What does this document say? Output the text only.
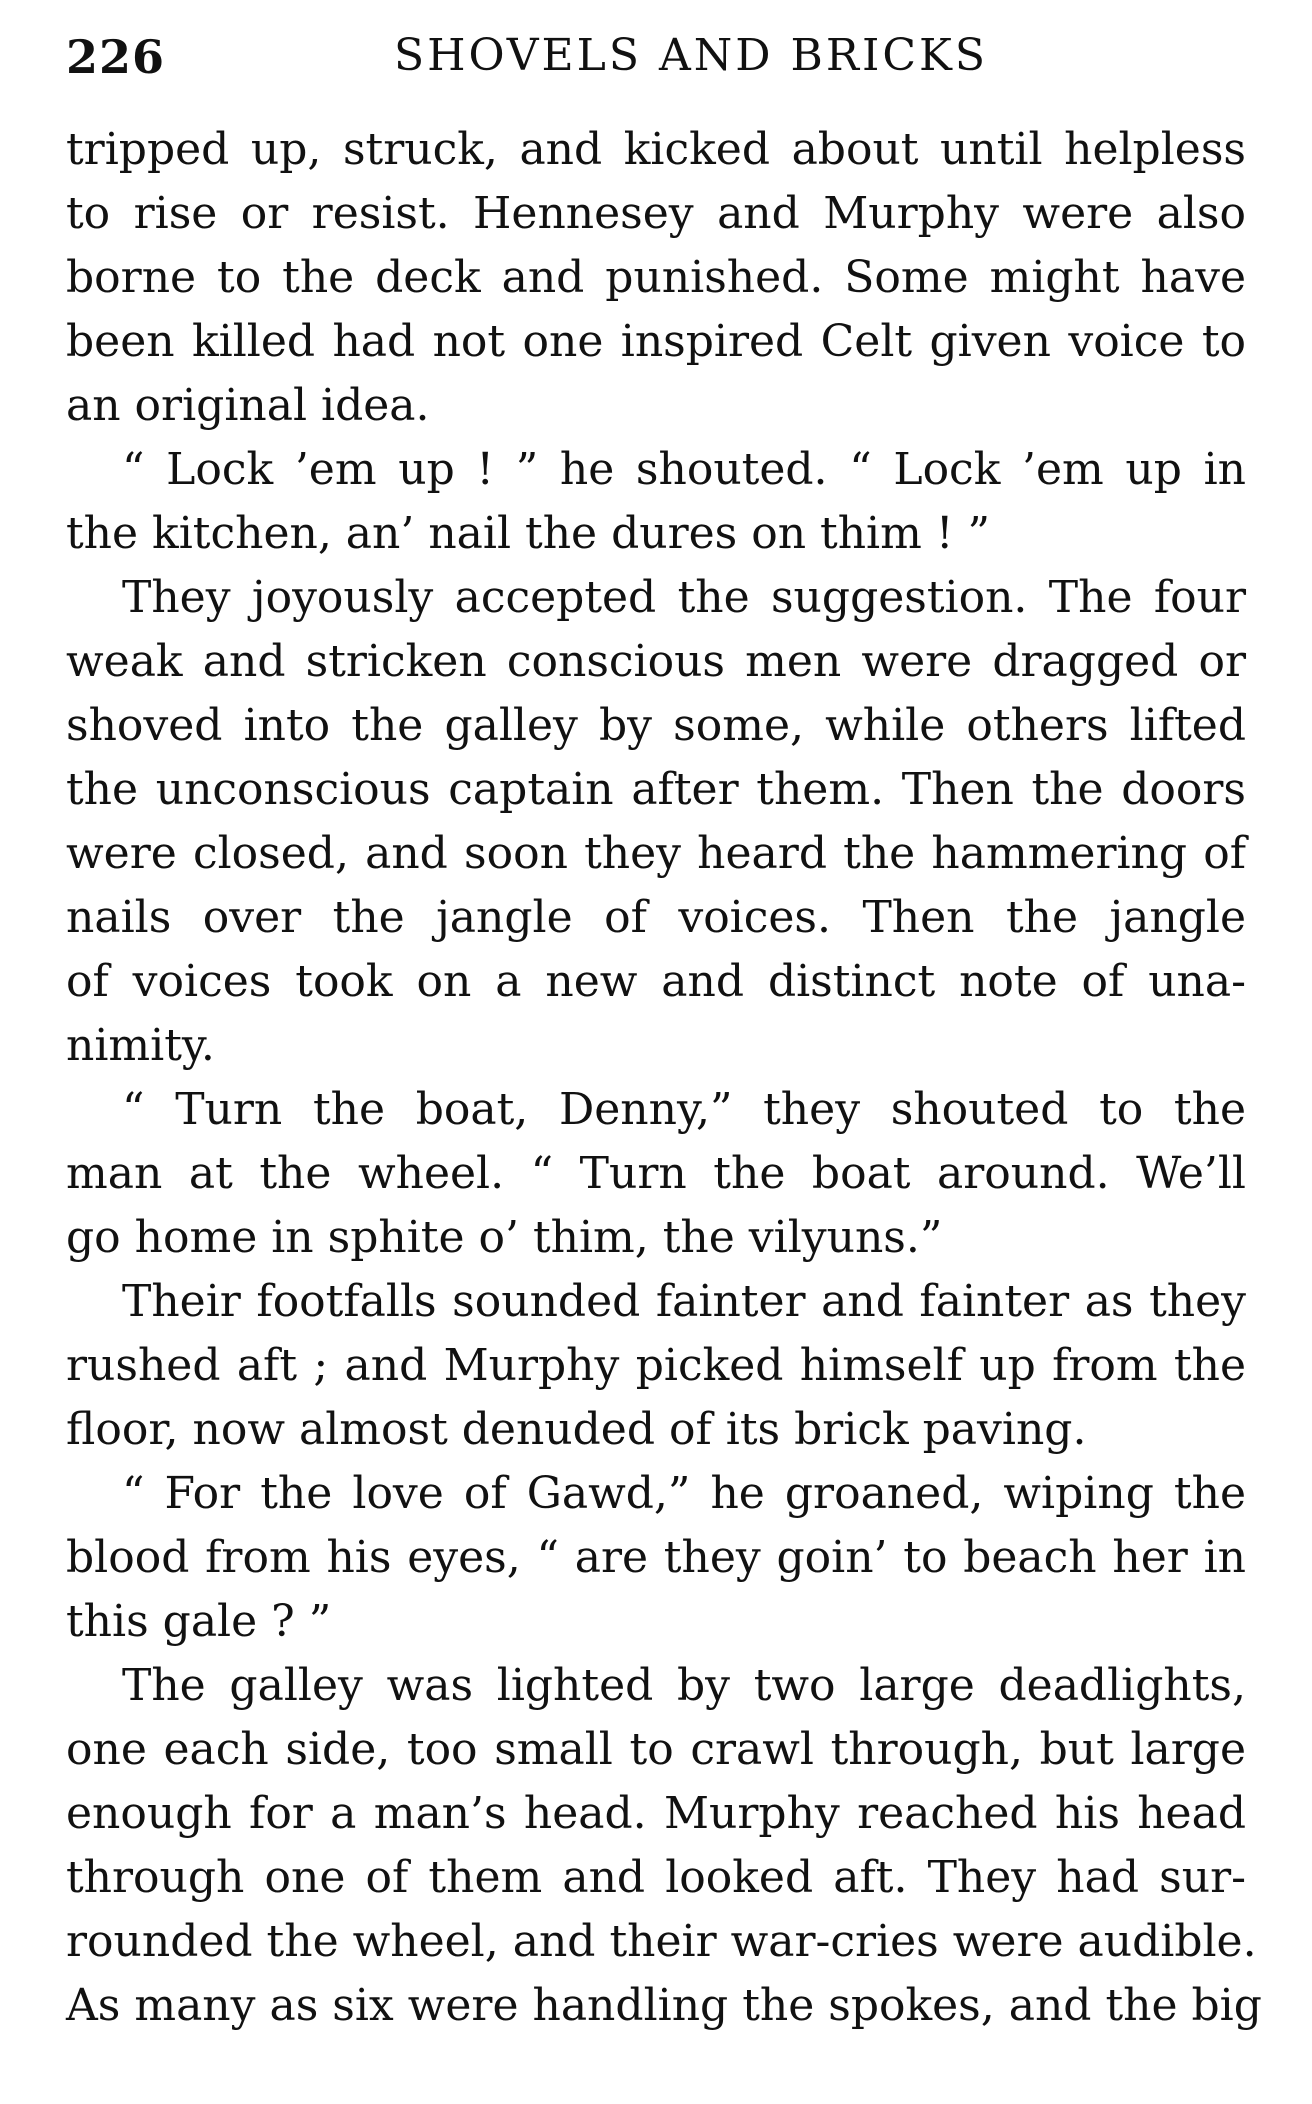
226	SHOVELS AND BRICKS
tripped up, struck, and kicked about until helpless
to rise or resist. Hennesey and Murphy were also
borne to the deck and punished. Some might have
been killed had not one inspired Celt given voice to
an original idea.
“ Lock ’em up ! ” he shouted. “ Lock ’em up in
the kitchen, an’ nail the dures on thim ! ”
They joyously accepted the suggestion. The four
weak and stricken conscious men were dragged or
shoved into the galley by some, while others lifted
the unconscious captain after them. Then the doors
were closed, and soon they heard the hammering of
nails over the jangle of voices. Then the jangle
of voices took on a new and distinct note of una-
nimity.
“ Turn the boat, Denny,” they shouted to the
man at the wheel. “ Turn the boat around. We’ll
go home in sphite o’ thim, the vilyuns.”
Their footfalls sounded fainter and fainter as they
rushed aft ; and Murphy picked himself up from the
floor, now almost denuded of its brick paving.
“ For the love of Gawd,” he groaned, wiping the
blood from his eyes, “ are they goin’ to beach her in
this gale ? ”
The galley was lighted by two large deadlights,
one each side, too small to crawl through, but large
enough for a man’s head. Murphy reached his head
through one of them and looked aft. They had sur-
rounded the wheel, and their war-cries were audible.
As many as six were handling the spokes, and the big
